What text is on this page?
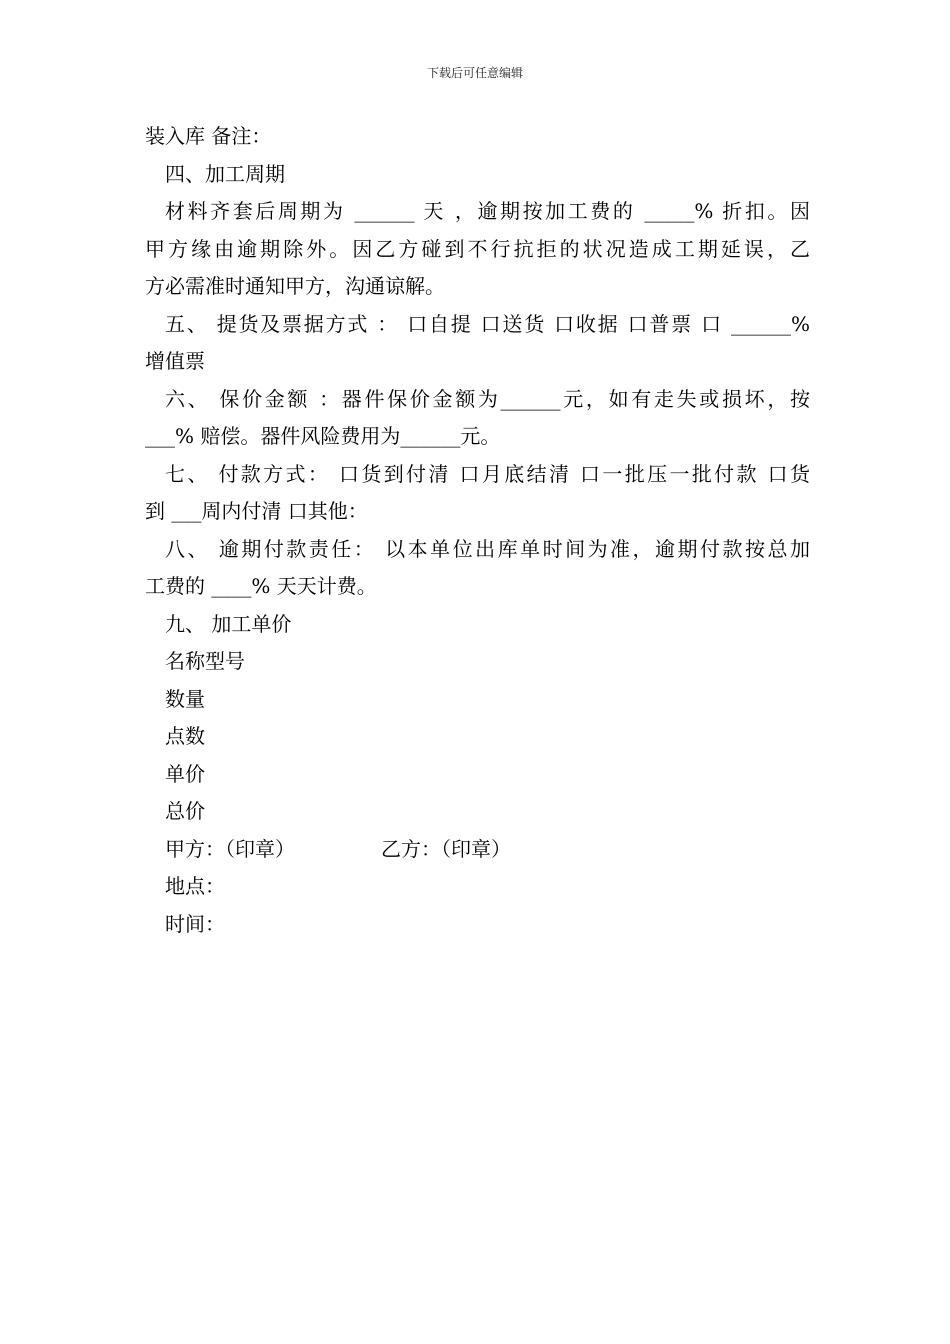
下载后可任意编辑
装入库 备注：
四、加工周期
材料齐套后周期为 ______ 天 ，逾期按加工费的 _____% 折扣。因
甲方缘由逾期除外。因乙方碰到不行抗拒的状况造成工期延误，乙
方必需准时通知甲方，沟通谅解。
五、 提货及票据方式 ： 口自提 口送货 口收据 口普票 口 ______%
增值票
六、 保价金额 ：器件保价金额为______元，如有走失或损坏，按
___% 赔偿。器件风险费用为______元。
七、 付款方式： 口货到付清 口月底结清 口一批压一批付款 口货
到 ___周内付清 口其他：
八、 逾期付款责任： 以本单位出库单时间为准，逾期付款按总加
工费的 ____% 天天计费。
九、 加工单价
名称型号
数量
点数
单价
总价
甲方：（印章）	乙方：（印章）
地点：
时间：
